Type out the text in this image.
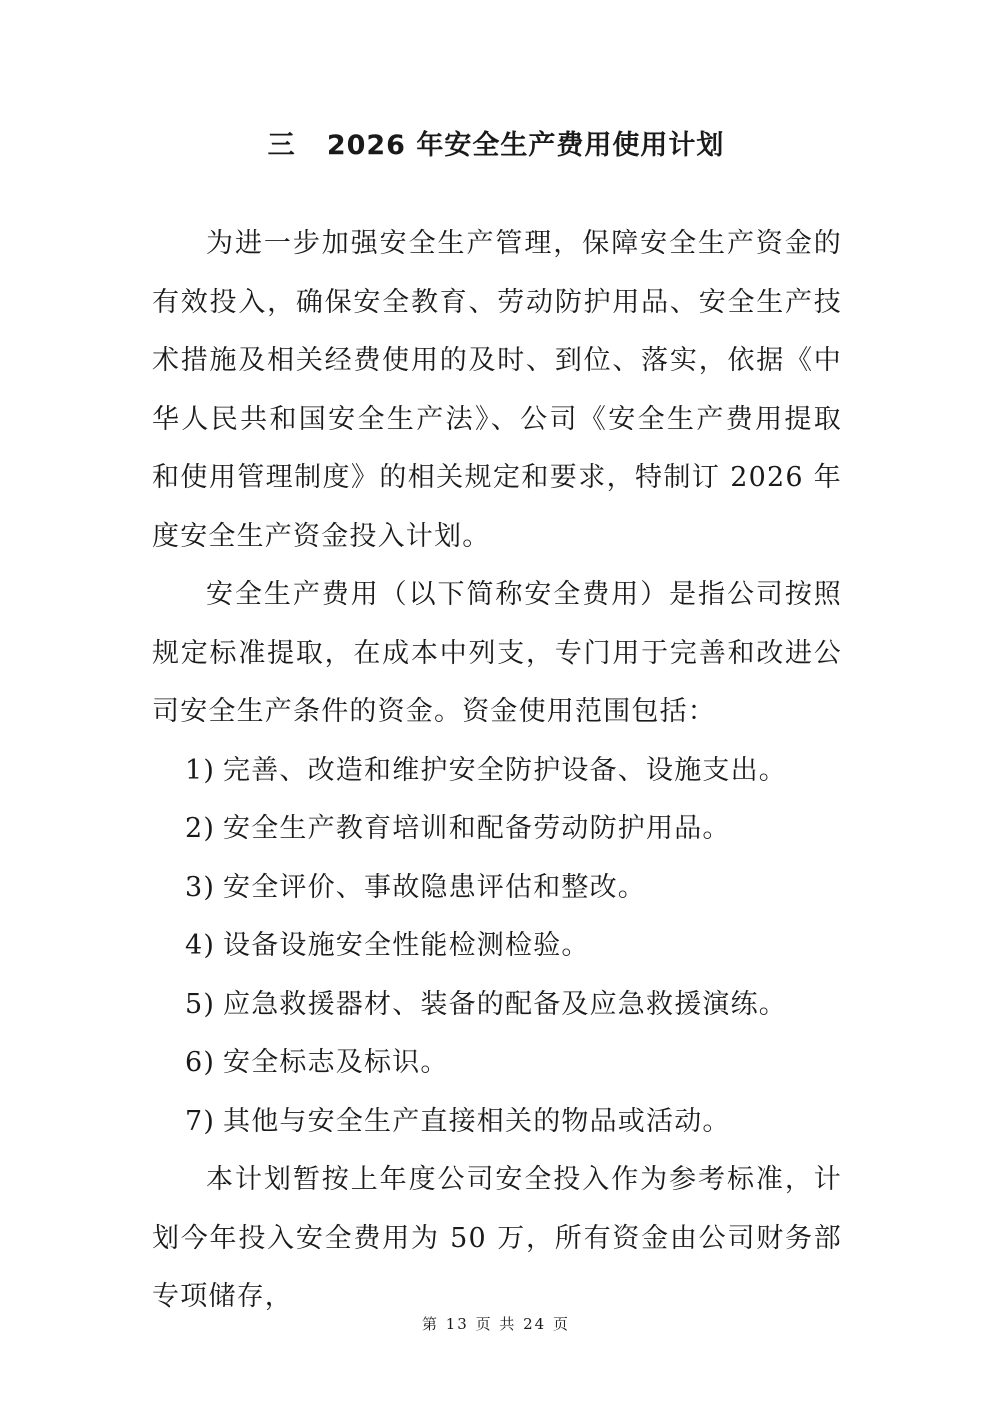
三   2026 年安全生产费用使用计划

为进一步加强安全生产管理，保障安全生产资金的有效投入，确保安全教育、劳动防护用品、安全生产技术措施及相关经费使用的及时、到位、落实，依据《中华人民共和国安全生产法》、公司《安全生产费用提取和使用管理制度》的相关规定和要求，特制订 2026 年度安全生产资金投入计划。

安全生产费用（以下简称安全费用）是指公司按照规定标准提取，在成本中列支，专门用于完善和改进公司安全生产条件的资金。资金使用范围包括：

1) 完善、改造和维护安全防护设备、设施支出。
2) 安全生产教育培训和配备劳动防护用品。
3) 安全评价、事故隐患评估和整改。
4) 设备设施安全性能检测检验。
5) 应急救援器材、装备的配备及应急救援演练。
6) 安全标志及标识。
7) 其他与安全生产直接相关的物品或活动。

本计划暂按上年度公司安全投入作为参考标准，计划今年投入安全费用为 50 万，所有资金由公司财务部专项储存，

第 13 页 共 24 页
